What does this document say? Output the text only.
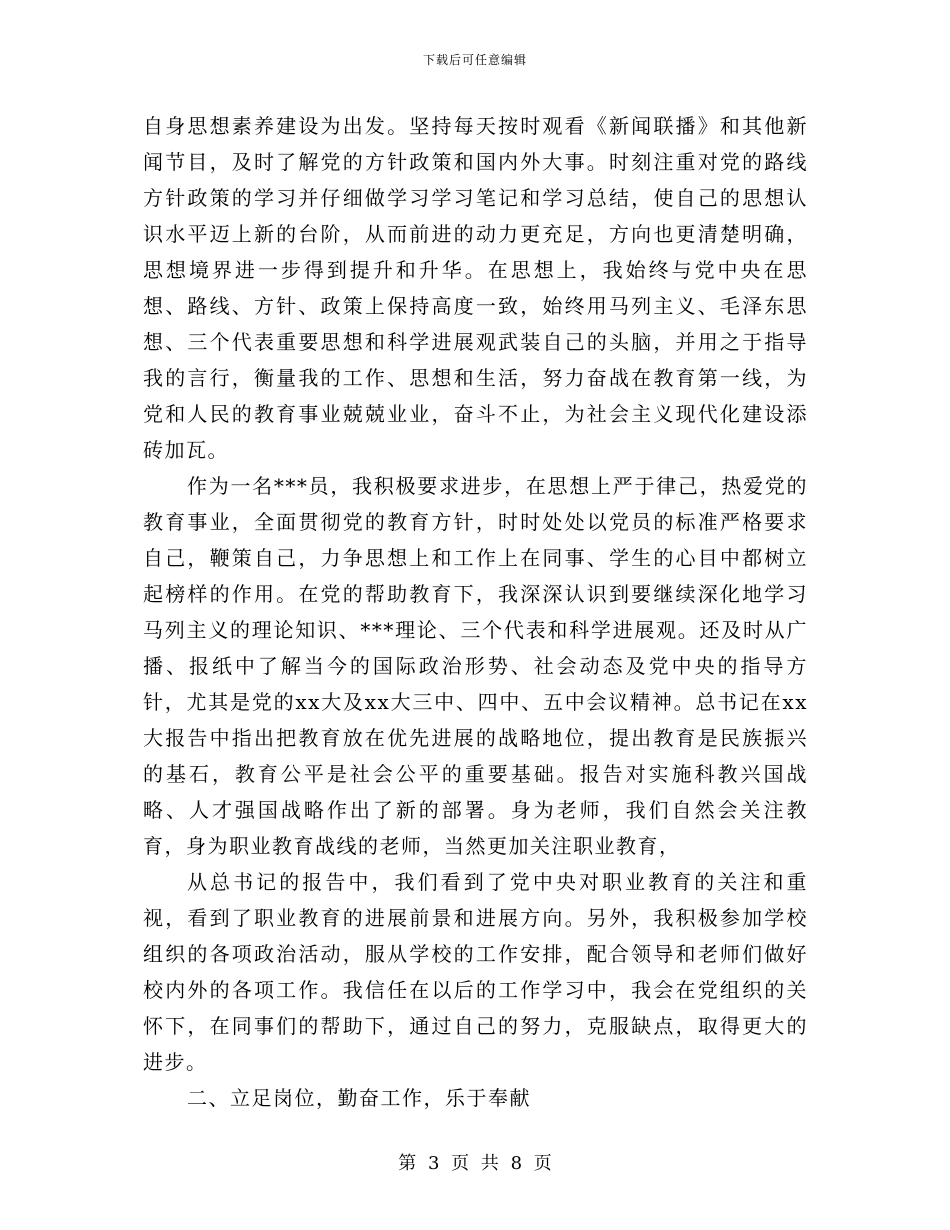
下载后可任意编辑

自身思想素养建设为出发。坚持每天按时观看《新闻联播》和其他新闻节目，及时了解党的方针政策和国内外大事。时刻注重对党的路线方针政策的学习并仔细做学习学习笔记和学习总结，使自己的思想认识水平迈上新的台阶，从而前进的动力更充足，方向也更清楚明确，思想境界进一步得到提升和升华。在思想上，我始终与党中央在思想、路线、方针、政策上保持高度一致，始终用马列主义、毛泽东思想、三个代表重要思想和科学进展观武装自己的头脑，并用之于指导我的言行，衡量我的工作、思想和生活，努力奋战在教育第一线，为党和人民的教育事业兢兢业业，奋斗不止，为社会主义现代化建设添砖加瓦。

作为一名***员，我积极要求进步，在思想上严于律己，热爱党的教育事业，全面贯彻党的教育方针，时时处处以党员的标准严格要求自己，鞭策自己，力争思想上和工作上在同事、学生的心目中都树立起榜样的作用。在党的帮助教育下，我深深认识到要继续深化地学习马列主义的理论知识、***理论、三个代表和科学进展观。还及时从广播、报纸中了解当今的国际政治形势、社会动态及党中央的指导方针，尤其是党的xx大及xx大三中、四中、五中会议精神。总书记在xx大报告中指出把教育放在优先进展的战略地位，提出教育是民族振兴的基石，教育公平是社会公平的重要基础。报告对实施科教兴国战略、人才强国战略作出了新的部署。身为老师，我们自然会关注教育，身为职业教育战线的老师，当然更加关注职业教育，

从总书记的报告中，我们看到了党中央对职业教育的关注和重视，看到了职业教育的进展前景和进展方向。另外，我积极参加学校组织的各项政治活动，服从学校的工作安排，配合领导和老师们做好校内外的各项工作。我信任在以后的工作学习中，我会在党组织的关怀下，在同事们的帮助下，通过自己的努力，克服缺点，取得更大的进步。

二、立足岗位，勤奋工作，乐于奉献

第 3 页 共 8 页
